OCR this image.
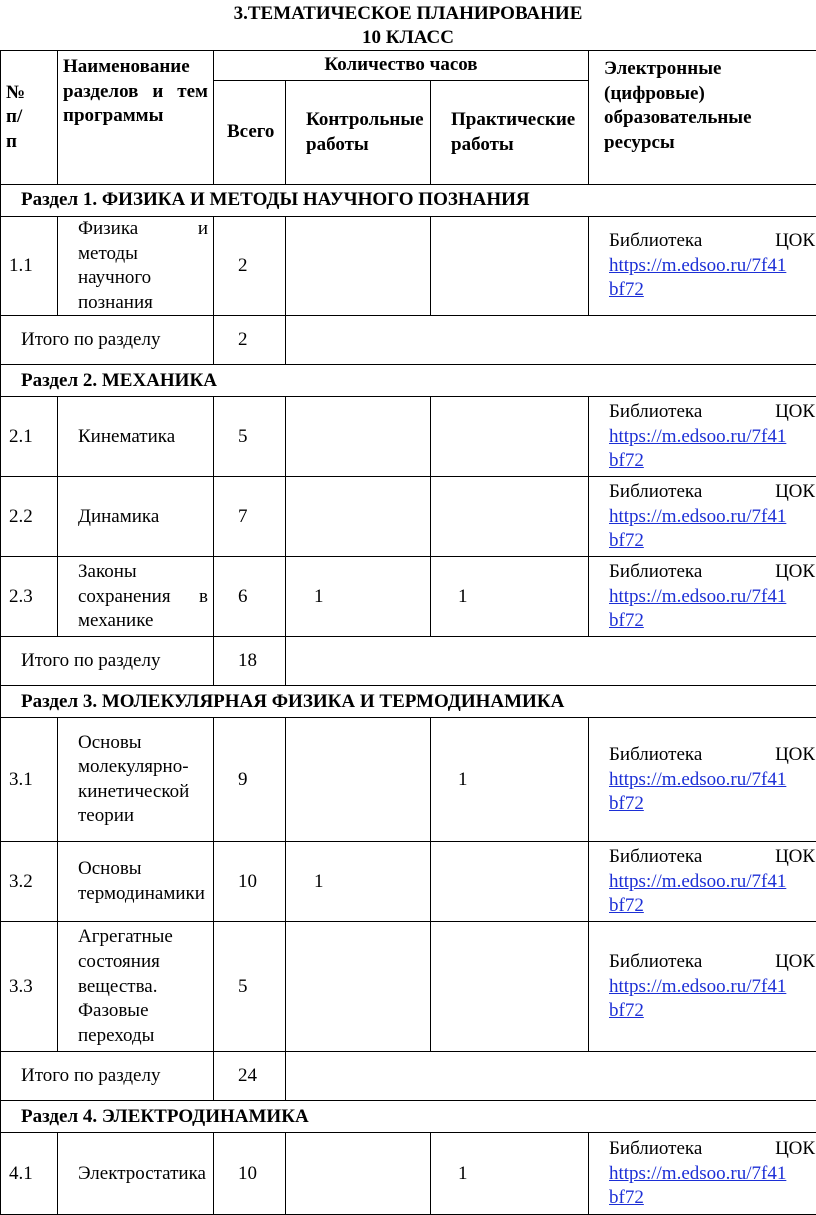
3.ТЕМАТИЧЕСКОЕ ПЛАНИРОВАНИЕ
10 КЛАСС
№ п/п	Наименование разделов и тем программы	Количество часов			Электронные (цифровые) образовательные ресурсы
		Всего	Контрольные работы	Практические работы	
Раздел 1. ФИЗИКА И МЕТОДЫ НАУЧНОГО ПОЗНАНИЯ					
1.1	Физика и методы научного познания	2			Библиотека ЦОК
https://m.edsoo.ru/7f41
bf72
Итого по разделу		2			
Раздел 2. МЕХАНИКА					
2.1	Кинематика	5			Библиотека ЦОК
https://m.edsoo.ru/7f41
bf72
2.2	Динамика	7			Библиотека ЦОК
https://m.edsoo.ru/7f41
bf72
2.3	Законы сохранения в механике	6	1	1	Библиотека ЦОК
https://m.edsoo.ru/7f41
bf72
Итого по разделу		18			
Раздел 3. МОЛЕКУЛЯРНАЯ ФИЗИКА И ТЕРМОДИНАМИКА					
3.1	Основы молекулярно-кинетической теории	9		1	Библиотека ЦОК
https://m.edsoo.ru/7f41
bf72
3.2	Основы термодинамики	10	1		Библиотека ЦОК
https://m.edsoo.ru/7f41
bf72
3.3	Агрегатные состояния вещества. Фазовые переходы	5			Библиотека ЦОК
https://m.edsoo.ru/7f41
bf72
Итого по разделу		24			
Раздел 4. ЭЛЕКТРОДИНАМИКА					
4.1	Электростатика	10		1	Библиотека ЦОК
https://m.edsoo.ru/7f41
bf72
